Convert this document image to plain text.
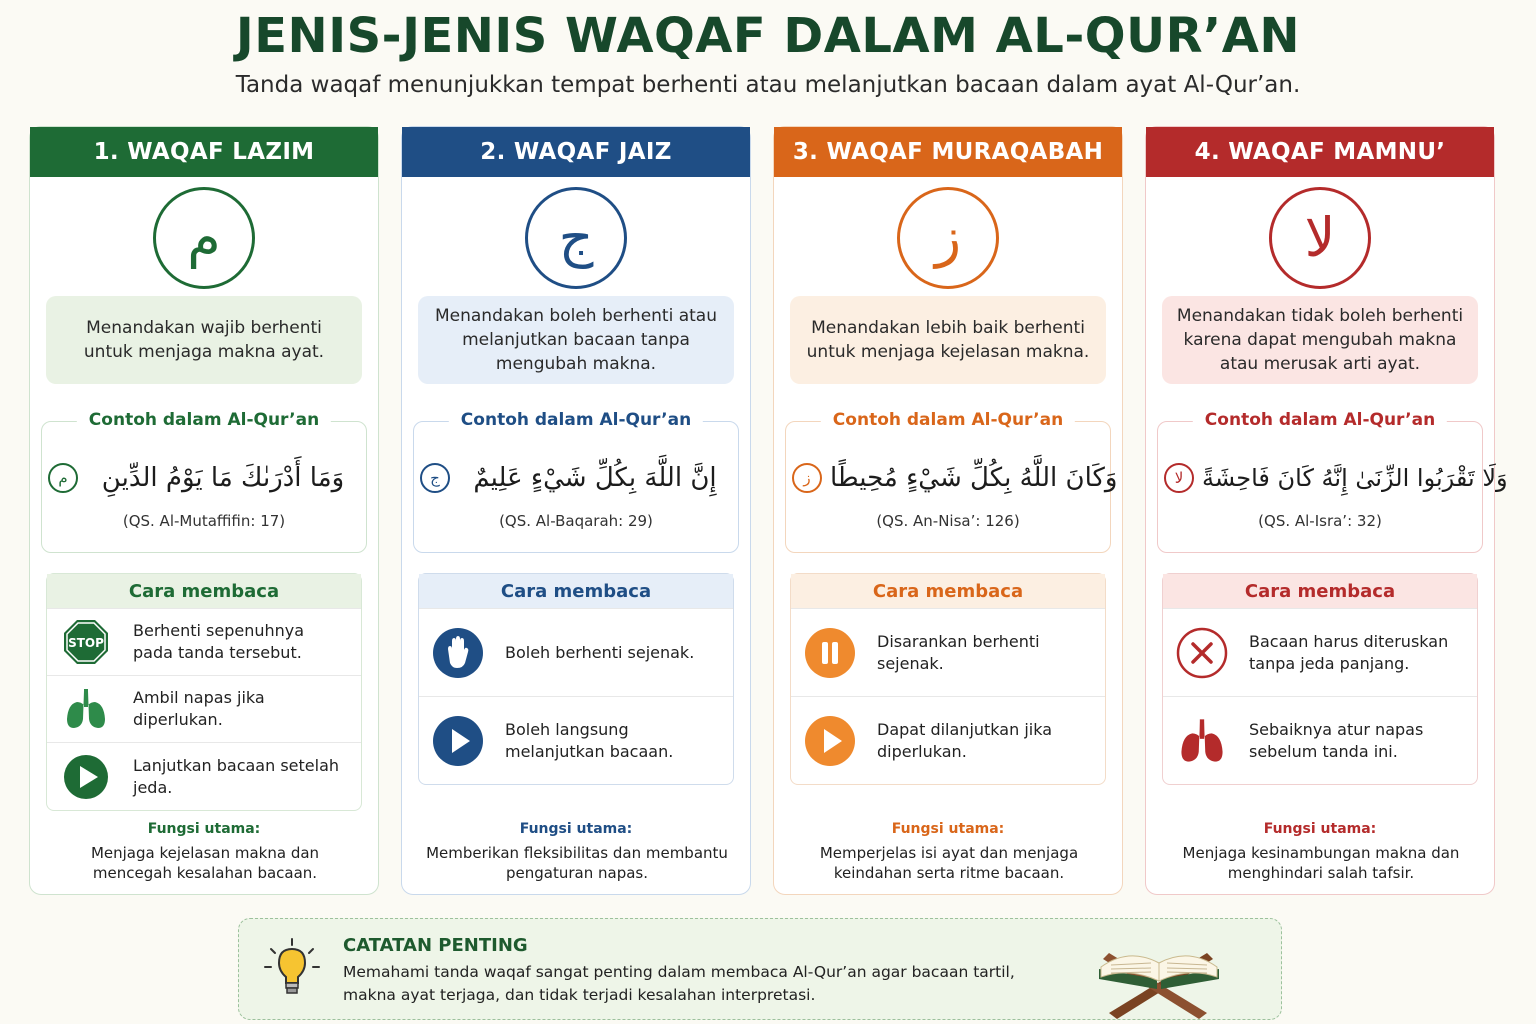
JENIS-JENIS WAQAF DALAM AL-QUR’AN
Tanda waqaf menunjukkan tempat berhenti atau melanjutkan bacaan dalam ayat Al-Qur’an.
1. WAQAF LAZIM
م
Menandakan wajib berhenti untuk menjaga makna ayat.
Contoh dalam Al-Qur’an
م	وَمَا أَدْرَىٰكَ مَا يَوْمُ الدِّينِ
(QS. Al-Mutaffifin: 17)
Cara membaca
STOP
Berhenti sepenuhnya pada tanda tersebut.
Ambil napas jika diperlukan.
Lanjutkan bacaan setelah jeda.
Fungsi utama:
Menjaga kejelasan makna dan mencegah kesalahan bacaan.
2. WAQAF JAIZ
ج
Menandakan boleh berhenti atau melanjutkan bacaan tanpa mengubah makna.
Contoh dalam Al-Qur’an
ج	إِنَّ اللَّهَ بِكُلِّ شَيْءٍ عَلِيمٌ
(QS. Al-Baqarah: 29)
Cara membaca
Boleh berhenti sejenak.
Boleh langsung melanjutkan bacaan.
Fungsi utama:
Memberikan fleksibilitas dan membantu pengaturan napas.
3. WAQAF MURAQABAH
ز
Menandakan lebih baik berhenti untuk menjaga kejelasan makna.
Contoh dalam Al-Qur’an
ز وَكَانَ اللَّهُ بِكُلِّ شَيْءٍ مُحِيطًا
(QS. An-Nisa’: 126)
Cara membaca
Disarankan berhenti sejenak.
Dapat dilanjutkan jika diperlukan.
Fungsi utama:
Memperjelas isi ayat dan menjaga keindahan serta ritme bacaan.
4. WAQAF MAMNU’
لا
Menandakan tidak boleh berhenti karena dapat mengubah makna atau merusak arti ayat.
Contoh dalam Al-Qur’an
لا وَلَا تَقْرَبُوا الزِّنَىٰ إِنَّهُ كَانَ فَاحِشَةً
(QS. Al-Isra’: 32)
Cara membaca
Bacaan harus diteruskan tanpa jeda panjang.
Sebaiknya atur napas sebelum tanda ini.
Fungsi utama:
Menjaga kesinambungan makna dan menghindari salah tafsir.
CATATAN PENTING
Memahami tanda waqaf sangat penting dalam membaca Al-Qur’an agar bacaan tartil, makna ayat terjaga, dan tidak terjadi kesalahan interpretasi.
